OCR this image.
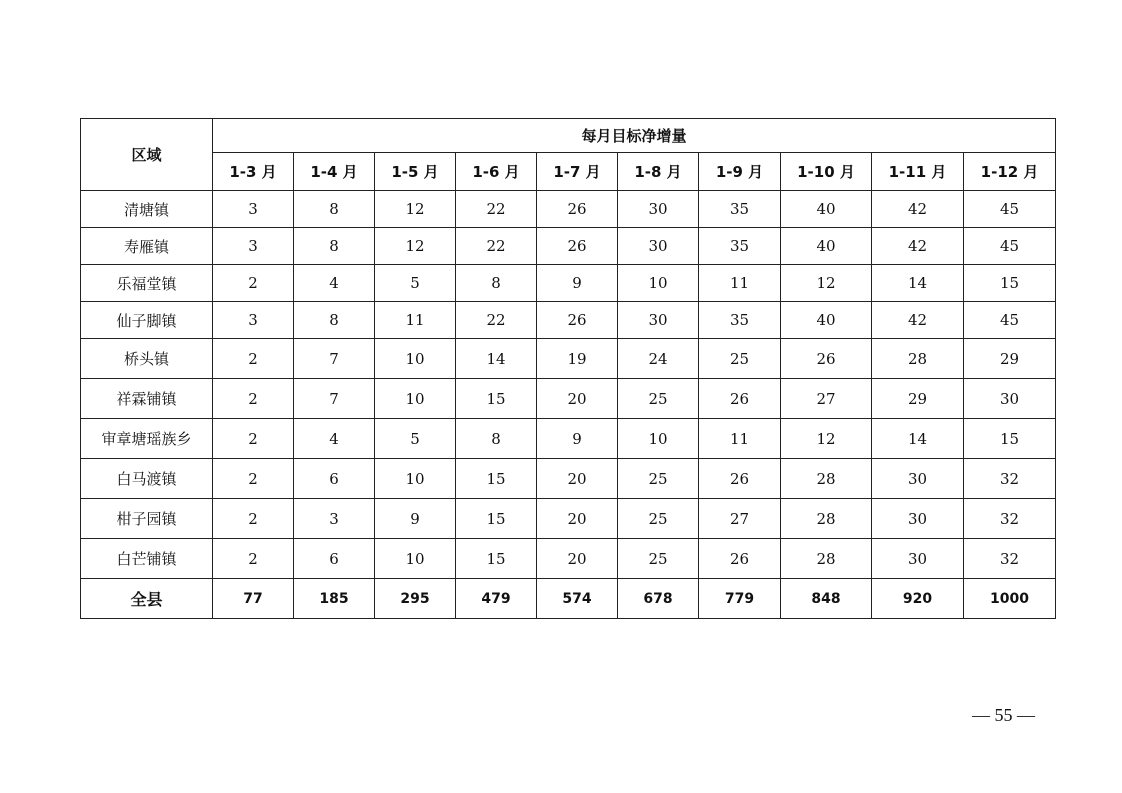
区域	每月目标净增量									
	1-3 月	1-4 月	1-5 月	1-6 月	1-7 月	1-8 月	1-9 月	1-10 月	1-11 月	1-12 月
清塘镇	3	8	12	22	26	30	35	40	42	45
寿雁镇	3	8	12	22	26	30	35	40	42	45
乐福堂镇	2	4	5	8	9	10	11	12	14	15
仙子脚镇	3	8	11	22	26	30	35	40	42	45
桥头镇	2	7	10	14	19	24	25	26	28	29
祥霖铺镇	2	7	10	15	20	25	26	27	29	30
审章塘瑶族乡	2	4	5	8	9	10	11	12	14	15
白马渡镇	2	6	10	15	20	25	26	28	30	32
柑子园镇	2	3	9	15	20	25	27	28	30	32
白芒铺镇	2	6	10	15	20	25	26	28	30	32
全县	77	185	295	479	574	678	779	848	920	1000
— 55 —
